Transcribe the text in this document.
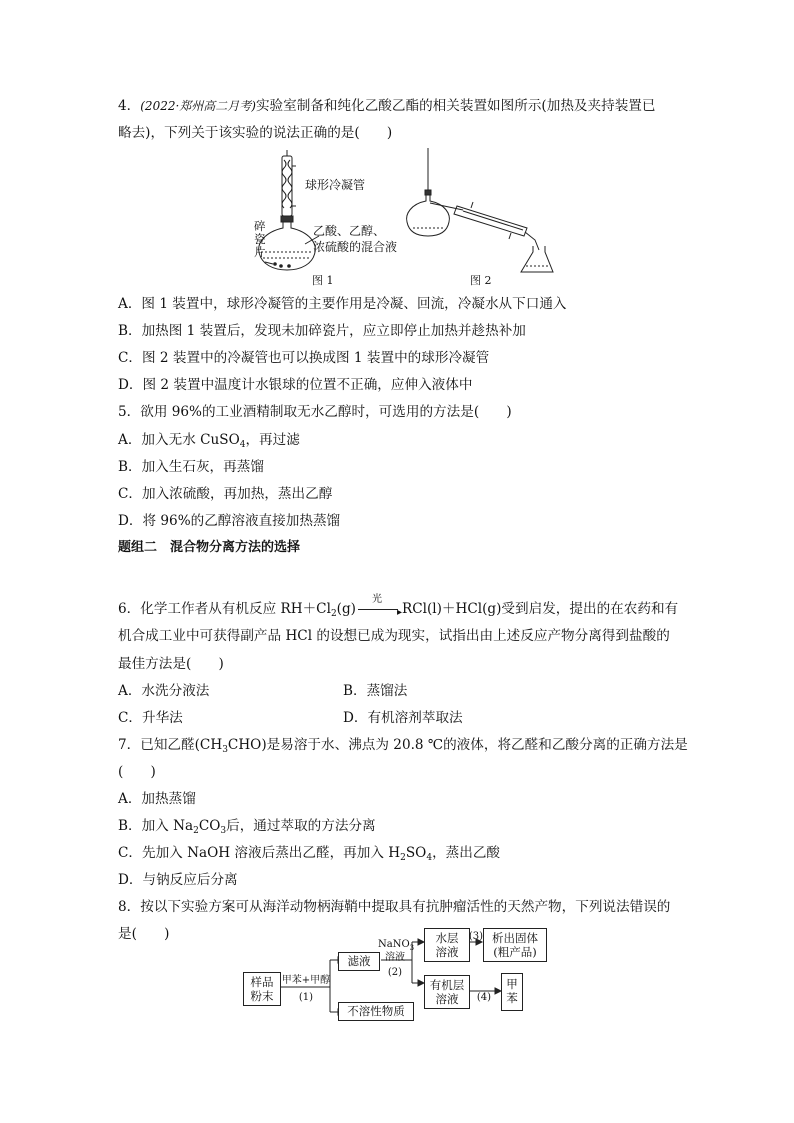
4．(2022·郑州高二月考)实验室制备和纯化乙酸乙酯的相关装置如图所示(加热及夹持装置已
略去)，下列关于该实验的说法正确的是(　　)
球形冷凝管
碎
瓷
片
乙酸、乙醇、
浓硫酸的混合液
图 1	图 2
A．图 1 装置中，球形冷凝管的主要作用是冷凝、回流，冷凝水从下口通入
B．加热图 1 装置后，发现未加碎瓷片，应立即停止加热并趁热补加
C．图 2 装置中的冷凝管也可以换成图 1 装置中的球形冷凝管
D．图 2 装置中温度计水银球的位置不正确，应伸入液体中
5．欲用 96%的工业酒精制取无水乙醇时，可选用的方法是(　　)
A．加入无水 CuSO$_4$，再过滤
B．加入生石灰，再蒸馏
C．加入浓硫酸，再加热，蒸出乙醇
D．将 96%的乙醇溶液直接加热蒸馏
题组二　混合物分离方法的选择
6．化学工作者从有机反应 $RH+Cl_2(g)$
光
▸ RCl(l)＋HCl(g)受到启发，提出的在农药和有
机合成工业中可获得副产品 HCl 的设想已成为现实，试指出由上述反应产物分离得到盐酸的
最佳方法是(　　)
A．水洗分液法	B．蒸馏法
C．升华法	D．有机溶剂萃取法
7．已知乙醛$(CH_3CHO)$是易溶于水、沸点为 20.8 ℃的液体，将乙醛和乙酸分离的正确方法是
(　　)
A．加热蒸馏
B．加入 $Na_2CO_3$后，通过萃取的方法分离
C．先加入 NaOH 溶液后蒸出乙醛，再加入 $H_2SO_4$，蒸出乙酸
D．与钠反应后分离
8．按以下实验方案可从海洋动物柄海鞘中提取具有抗肿瘤活性的天然产物，下列说法错误的
是(　　)
样品
粉末
甲苯+甲醇
(1)
滤液
不溶性物质
NaNO$_3$
溶液
(2)
水层
溶液
(3) 析出固体
(粗产品)
有机层
溶液	(4)
甲
苯
